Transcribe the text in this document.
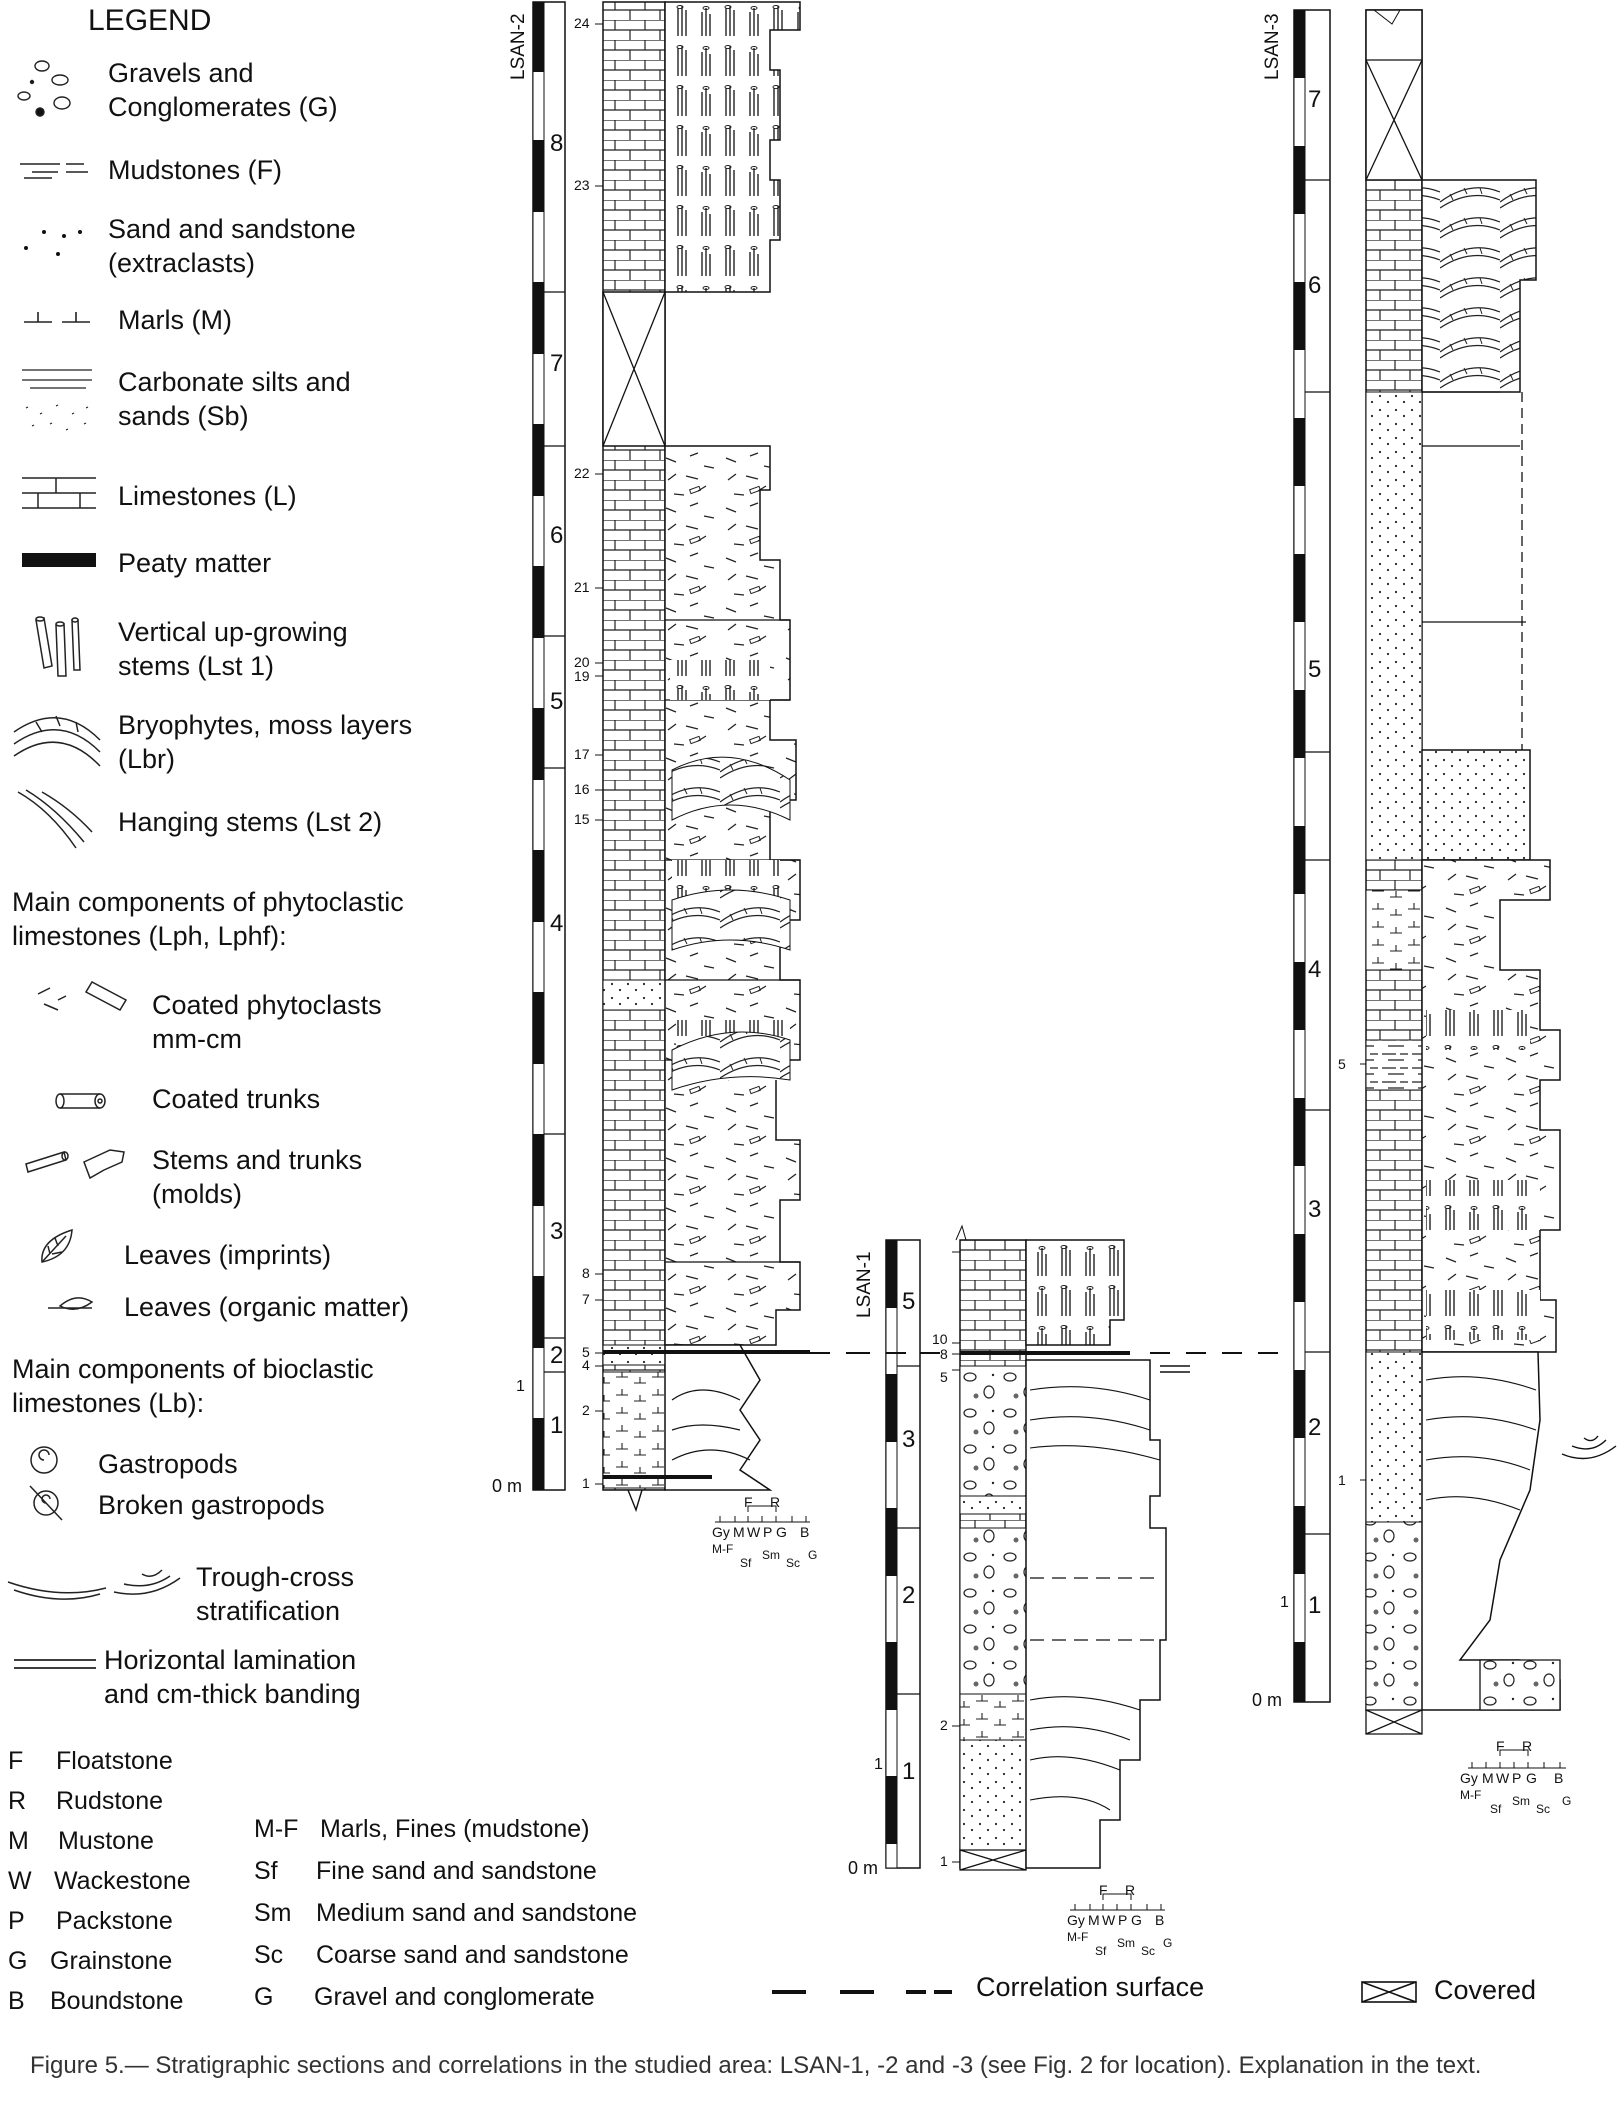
LEGEND
Gravels and Conglomerates (G)
Mudstones (F)
Sand and sandstone (extraclasts)
Marls (M)
Carbonate silts and sands (Sb)
Limestones (L)
Peaty matter
Vertical up-growing stems (Lst 1)
Bryophytes, moss layers (Lbr)
Hanging stems (Lst 2)
Main components of phytoclastic limestones (Lph, Lphf):
Coated phytoclasts mm-cm
Coated trunks
Stems and trunks (molds)
Leaves (imprints)
Leaves (organic matter)
Main components of bioclastic limestones (Lb):
Gastropods
Broken gastropods
Trough-cross stratification
Horizontal lamination and cm-thick banding
F Floatstone
R Rudstone
M Mustone
W Wackestone
P Packstone
G Grainstone
B Boundstone
M-F Marls, Fines (mudstone)
Sf Fine sand and sandstone
Sm Medium sand and sandstone
Sc Coarse sand and sandstone
G Gravel and conglomerate	Correlation surface	Covered
LSAN-2
LSAN-1
LSAN-3
8
7
6
5
4
3
2
1
24
23
22
21
20
19
17
16
15
8
7
5
4
2
1
1
0 m
5
3
2
1
10
8
5
2
1
1
0 m
7
6
5
4
3
2
1
5
1
1
0 m
F R
Gy M W P G B
M-F
Sf
Sm
Sc
G
F R
Gy M W P G B
M-F
Sf
Sm
Sc
G
F R
Gy M W P G B
M-F
Sf
Sm
Sc
G
Figure 5.— Stratigraphic sections and correlations in the studied area: LSAN-1, -2 and -3 (see Fig. 2 for location). Explanation in the text.
